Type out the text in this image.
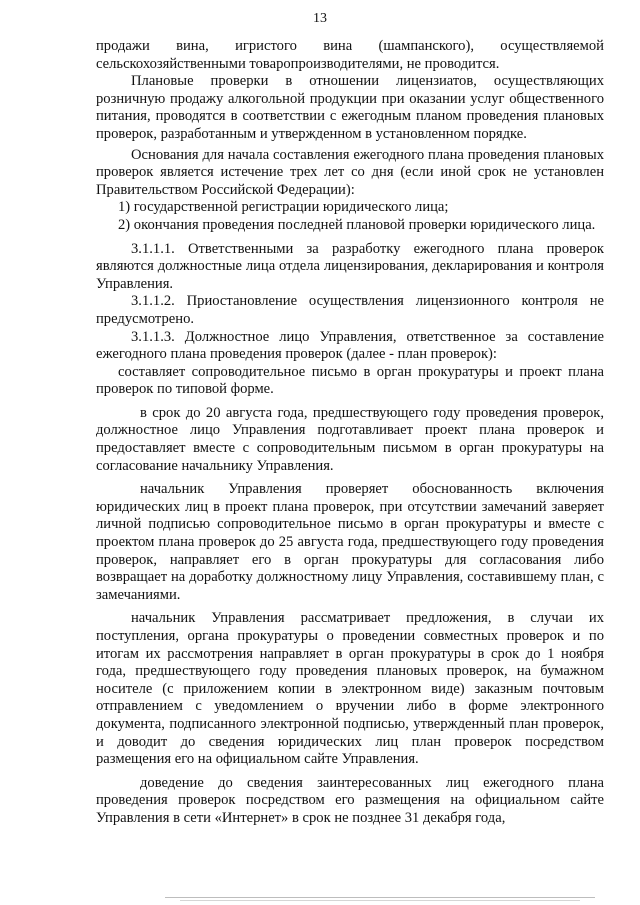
13

продажи вина, игристого вина (шампанского), осуществляемой сельскохозяйственными товаропроизводителями, не проводится.

Плановые проверки в отношении лицензиатов, осуществляющих розничную продажу алкогольной продукции при оказании услуг общественного питания, проводятся в соответствии с ежегодным планом проведения плановых проверок, разработанным и утвержденном в установленном порядке.

Основания для начала составления ежегодного плана проведения плановых проверок является истечение трех лет со дня (если иной срок не установлен Правительством Российской Федерации):

1) государственной регистрации юридического лица;

2) окончания проведения последней плановой проверки юридического лица.

3.1.1.1. Ответственными за разработку ежегодного плана проверок являются должностные лица отдела лицензирования, декларирования и контроля Управления.

3.1.1.2. Приостановление осуществления лицензионного контроля не предусмотрено.

3.1.1.3. Должностное лицо Управления, ответственное за составление ежегодного плана проведения проверок (далее - план проверок):

составляет сопроводительное письмо в орган прокуратуры и проект плана проверок по типовой форме.

в срок до 20 августа года, предшествующего году проведения проверок, должностное лицо Управления подготавливает проект плана проверок и предоставляет вместе с сопроводительным письмом в орган прокуратуры на согласование начальнику Управления.

начальник Управления проверяет обоснованность включения юридических лиц в проект плана проверок, при отсутствии замечаний заверяет личной подписью сопроводительное письмо в орган прокуратуры и вместе с проектом плана проверок до 25 августа года, предшествующего году проведения проверок, направляет его в орган прокуратуры для согласования либо возвращает на доработку должностному лицу Управления, составившему план, с замечаниями.

начальник Управления рассматривает предложения, в случаи их поступления, органа прокуратуры о проведении совместных проверок и по итогам их рассмотрения направляет в орган прокуратуры в срок до 1 ноября года, предшествующего году проведения плановых проверок, на бумажном носителе (с приложением копии в электронном виде) заказным почтовым отправлением с уведомлением о вручении либо в форме электронного документа, подписанного электронной подписью, утвержденный план проверок, и доводит до сведения юридических лиц план проверок посредством размещения его на официальном сайте Управления.

доведение до сведения заинтересованных лиц ежегодного плана проведения проверок посредством его размещения на официальном сайте Управления в сети «Интернет» в срок не позднее 31 декабря года,
